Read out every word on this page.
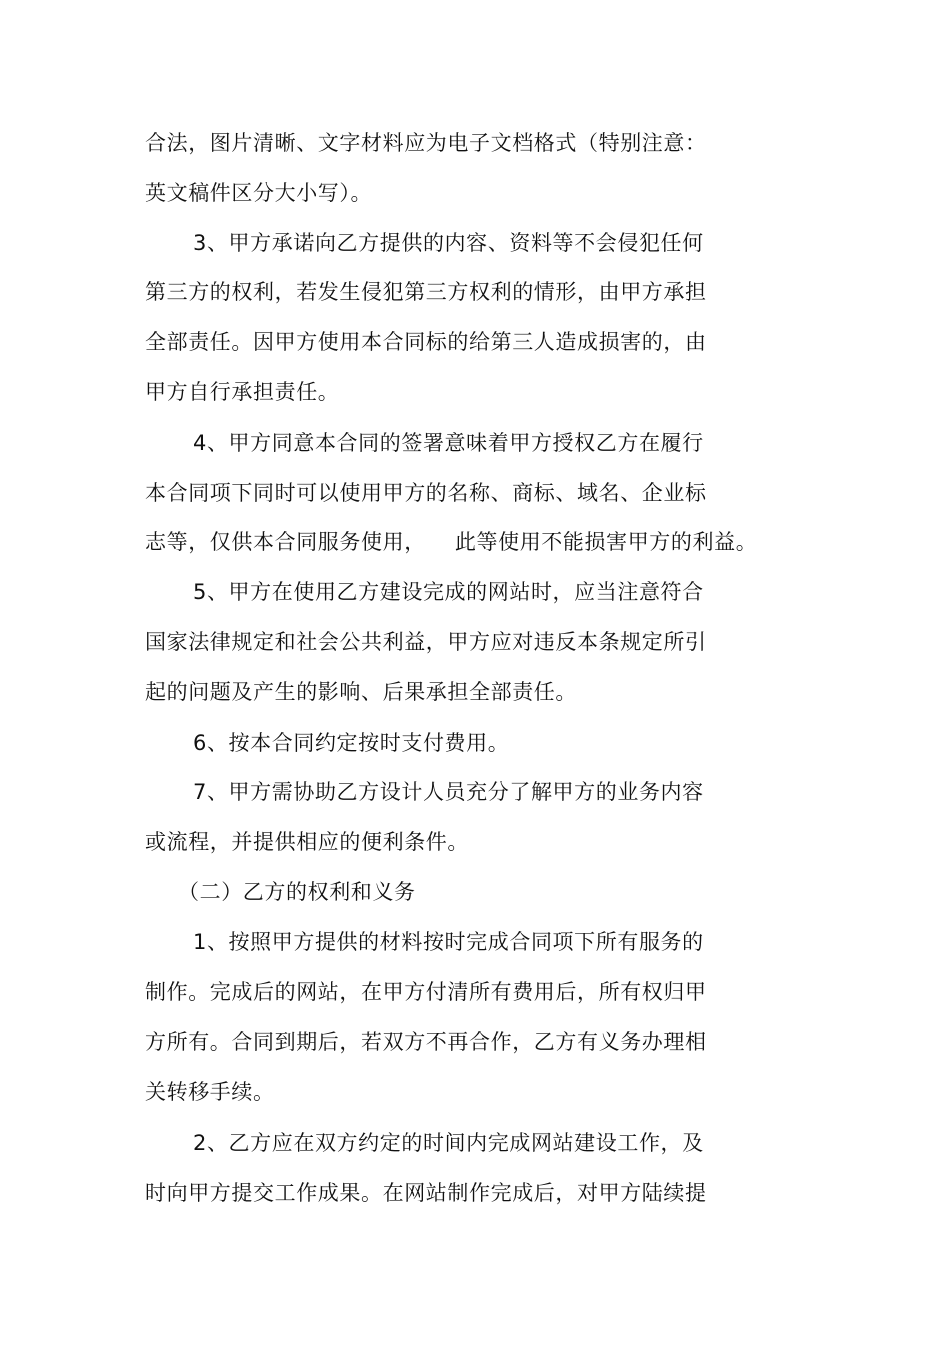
合法，图片清晰、文字材料应为电子文档格式（特别注意：
英文稿件区分大小写）。
3、甲方承诺向乙方提供的内容、资料等不会侵犯任何
第三方的权利，若发生侵犯第三方权利的情形，由甲方承担
全部责任。因甲方使用本合同标的给第三人造成损害的，由
甲方自行承担责任。
4、甲方同意本合同的签署意味着甲方授权乙方在履行
本合同项下同时可以使用甲方的名称、商标、域名、企业标
志等，仅供本合同服务使用，    此等使用不能损害甲方的利益。
5、甲方在使用乙方建设完成的网站时，应当注意符合
国家法律规定和社会公共利益，甲方应对违反本条规定所引
起的问题及产生的影响、后果承担全部责任。
6、按本合同约定按时支付费用。
7、甲方需协助乙方设计人员充分了解甲方的业务内容
或流程，并提供相应的便利条件。
（二）乙方的权利和义务
1、按照甲方提供的材料按时完成合同项下所有服务的
制作。完成后的网站，在甲方付清所有费用后，所有权归甲
方所有。合同到期后，若双方不再合作，乙方有义务办理相
关转移手续。
2、乙方应在双方约定的时间内完成网站建设工作，及
时向甲方提交工作成果。在网站制作完成后，对甲方陆续提
